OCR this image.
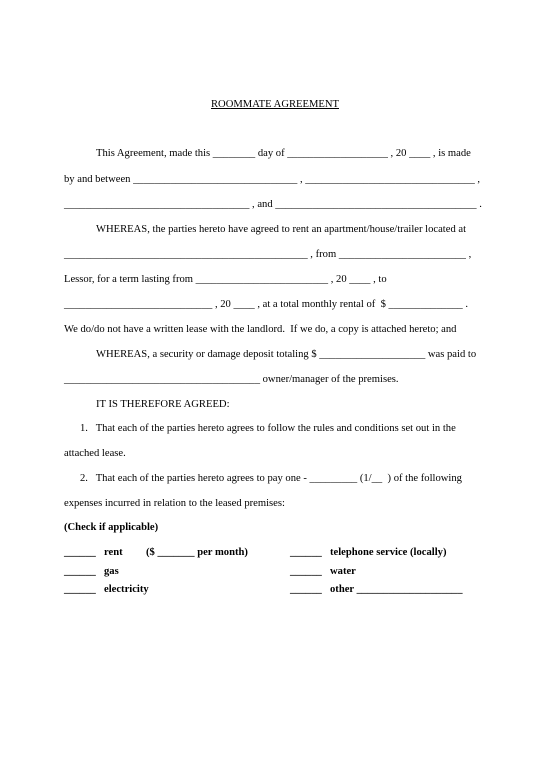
ROOMMATE AGREEMENT
This Agreement, made this ________ day of ___________________ , 20 ____ , is made
by and between _______________________________ , ________________________________ ,
___________________________________ , and ______________________________________ .
WHEREAS, the parties hereto have agreed to rent an apartment/house/trailer located at
______________________________________________ , from ________________________ ,
Lessor, for a term lasting from _________________________ , 20 ____ , to
____________________________ , 20 ____ , at a total monthly rental of  $ ______________ .
We do/do not have a written lease with the landlord.  If we do, a copy is attached hereto; and
WHEREAS, a security or damage deposit totaling $ ____________________ was paid to
_____________________________________ owner/manager of the premises.
IT IS THEREFORE AGREED:
1.   That each of the parties hereto agrees to follow the rules and conditions set out in the
attached lease.
2.   That each of the parties hereto agrees to pay one - _________ (1/__  ) of the following
expenses incurred in relation to the leased premises:
(Check if applicable)
______ rent ($ _______ per month)
______ gas
______ electricity
______ telephone service (locally)
______ water
______ other ____________________
